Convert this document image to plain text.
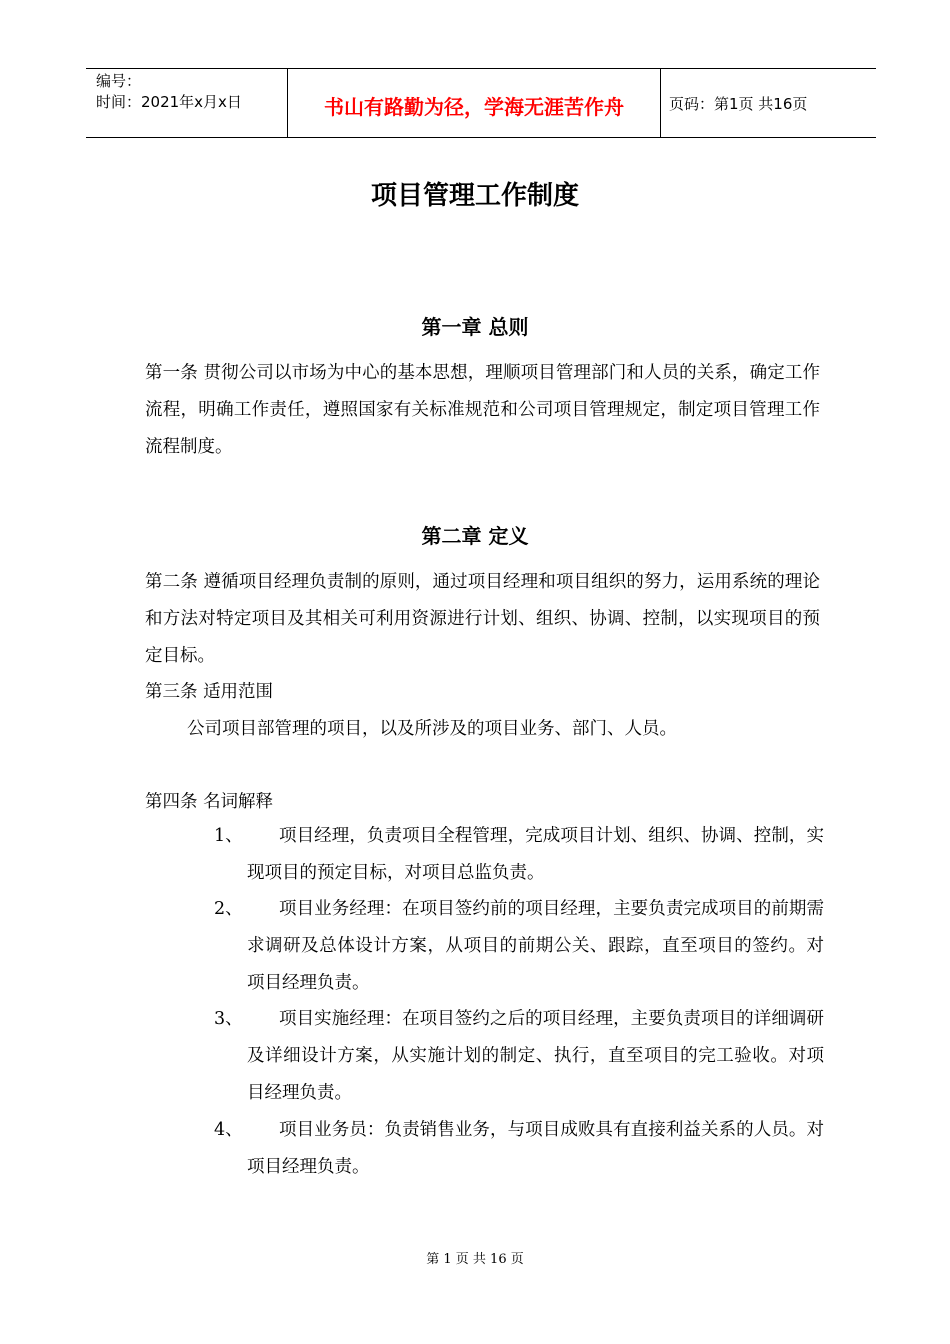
编号：
时间：2021年x月x日	书山有路勤为径，学海无涯苦作舟	页码：第1页 共16页
项目管理工作制度
第一章 总则

第一条 贯彻公司以市场为中心的基本思想，理顺项目管理部门和人员的关系，确定工作流程，明确工作责任，遵照国家有关标准规范和公司项目管理规定，制定项目管理工作流程制度。

第二章 定义

第二条 遵循项目经理负责制的原则，通过项目经理和项目组织的努力，运用系统的理论和方法对特定项目及其相关可利用资源进行计划、组织、协调、控制，以实现项目的预定目标。

第三条 适用范围
公司项目部管理的项目，以及所涉及的项目业务、部门、人员。
第四条 名词解释
1、	项目经理，负责项目全程管理，完成项目计划、组织、协调、控制，实现项目的预定目标，对项目总监负责。
2、	项目业务经理：在项目签约前的项目经理，主要负责完成项目的前期需求调研及总体设计方案，从项目的前期公关、跟踪，直至项目的签约。对项目经理负责。
3、	项目实施经理：在项目签约之后的项目经理，主要负责项目的详细调研及详细设计方案，从实施计划的制定、执行，直至项目的完工验收。对项目经理负责。
4、	项目业务员：负责销售业务，与项目成败具有直接利益关系的人员。对项目经理负责。
第 1 页 共 16 页
